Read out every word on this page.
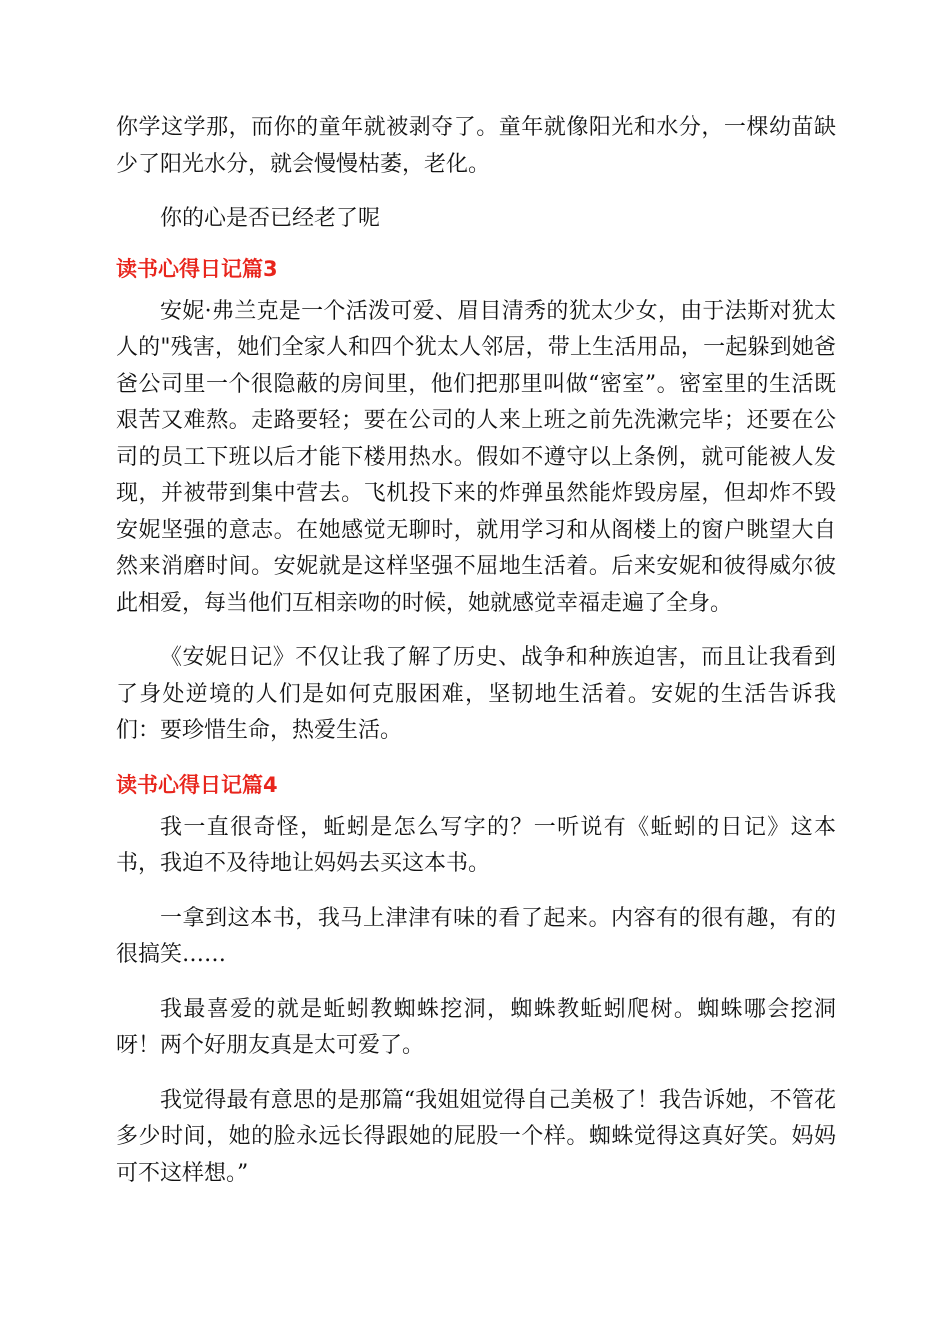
你学这学那，而你的童年就被剥夺了。童年就像阳光和水分，一棵幼苗缺少了阳光水分，就会慢慢枯萎，老化。

你的心是否已经老了呢

读书心得日记篇3

安妮·弗兰克是一个活泼可爱、眉目清秀的犹太少女，由于法斯对犹太人的"残害，她们全家人和四个犹太人邻居，带上生活用品，一起躲到她爸爸公司里一个很隐蔽的房间里，他们把那里叫做“密室”。密室里的生活既艰苦又难熬。走路要轻；要在公司的人来上班之前先洗漱完毕；还要在公司的员工下班以后才能下楼用热水。假如不遵守以上条例，就可能被人发现，并被带到集中营去。飞机投下来的炸弹虽然能炸毁房屋，但却炸不毁安妮坚强的意志。在她感觉无聊时，就用学习和从阁楼上的窗户眺望大自然来消磨时间。安妮就是这样坚强不屈地生活着。后来安妮和彼得威尔彼此相爱，每当他们互相亲吻的时候，她就感觉幸福走遍了全身。

《安妮日记》不仅让我了解了历史、战争和种族迫害，而且让我看到了身处逆境的人们是如何克服困难，坚韧地生活着。安妮的生活告诉我们：要珍惜生命，热爱生活。

读书心得日记篇4

我一直很奇怪，蚯蚓是怎么写字的？一听说有《蚯蚓的日记》这本书，我迫不及待地让妈妈去买这本书。

一拿到这本书，我马上津津有味的看了起来。内容有的很有趣，有的很搞笑……

我最喜爱的就是蚯蚓教蜘蛛挖洞，蜘蛛教蚯蚓爬树。蜘蛛哪会挖洞呀！两个好朋友真是太可爱了。

我觉得最有意思的是那篇“我姐姐觉得自己美极了！我告诉她，不管花多少时间，她的脸永远长得跟她的屁股一个样。蜘蛛觉得这真好笑。妈妈可不这样想。”
